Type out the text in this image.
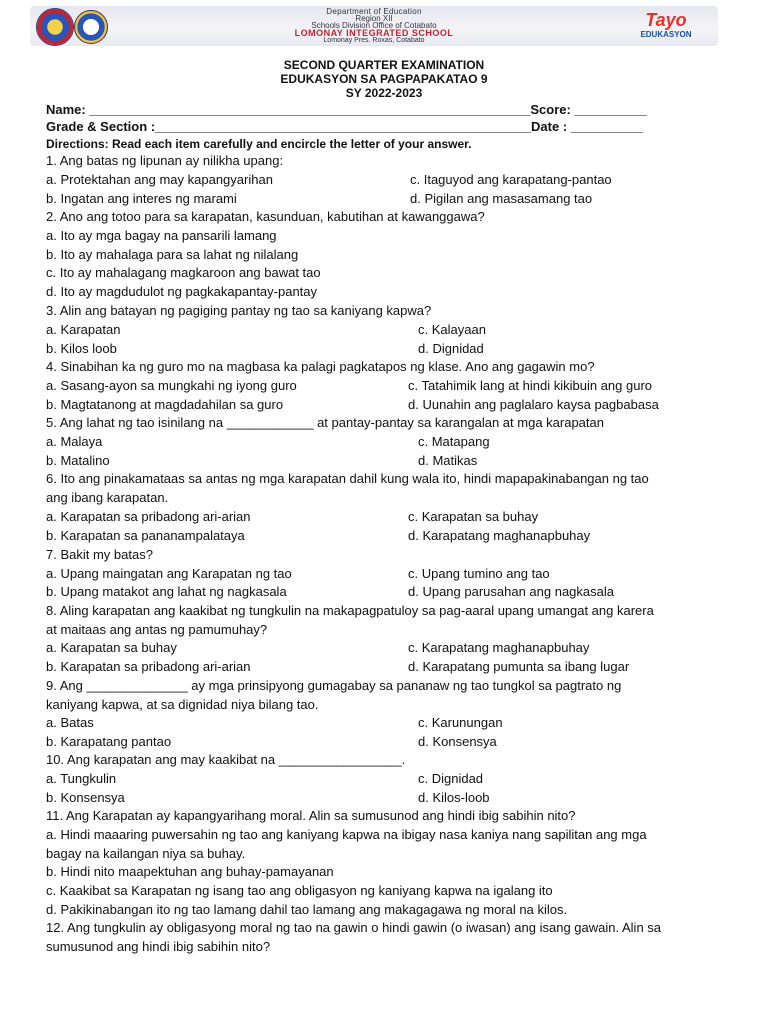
Department of Education
Region XII
Schools Division Office of Cotabato
LOMONAY INTEGRATED SCHOOL
Lomonay Pres. Roxas, Cotabato
Tayo
EDUKASYON
SECOND QUARTER EXAMINATION
EDUKASYON SA PAGPAPAKATAO 9
SY 2022-2023
Name: _____________________________________________________________Score: __________
Grade & Section :____________________________________________________Date : __________
Directions: Read each item carefully and encircle the letter of your answer.
1. Ang batas ng lipunan ay nilikha upang:
a. Protektahan ang may kapangyarihan	c. Itaguyod ang karapatang-pantao
b. Ingatan ang interes ng marami	d. Pigilan ang masasamang tao
2. Ano ang totoo para sa karapatan, kasunduan, kabutihan at kawanggawa?
a. Ito ay mga bagay na pansarili lamang
b. Ito ay mahalaga para sa lahat ng nilalang
c. Ito ay mahalagang magkaroon ang bawat tao
d. Ito ay magdudulot ng pagkakapantay-pantay
3. Alin ang batayan ng pagiging pantay ng tao sa kaniyang kapwa?
a. Karapatan	c. Kalayaan
b. Kilos loob	d. Dignidad
4. Sinabihan ka ng guro mo na magbasa ka palagi pagkatapos ng klase. Ano ang gagawin mo?
a. Sasang-ayon sa mungkahi ng iyong guro	c. Tatahimik lang at hindi kikibuin ang guro
b. Magtatanong at magdadahilan sa guro	d. Uunahin ang paglalaro kaysa pagbabasa
5. Ang lahat ng tao isinilang na ____________ at pantay-pantay sa karangalan at mga karapatan
a. Malaya	c. Matapang
b. Matalino	d. Matikas
6. Ito ang pinakamataas sa antas ng mga karapatan dahil kung wala ito, hindi mapapakinabangan ng tao
ang ibang karapatan.
a. Karapatan sa pribadong ari-arian	c. Karapatan sa buhay
b. Karapatan sa pananampalataya	d. Karapatang maghanapbuhay
7. Bakit my batas?
a. Upang maingatan ang Karapatan ng tao	c. Upang tumino ang tao
b. Upang matakot ang lahat ng nagkasala	d. Upang parusahan ang nagkasala
8. Aling karapatan ang kaakibat ng tungkulin na makapagpatuloy sa pag-aaral upang umangat ang karera
at maitaas ang antas ng pamumuhay?
a. Karapatan sa buhay	c. Karapatang maghanapbuhay
b. Karapatan sa pribadong ari-arian	d. Karapatang pumunta sa ibang lugar
9. Ang ______________ ay mga prinsipyong gumagabay sa pananaw ng tao tungkol sa pagtrato ng
kaniyang kapwa, at sa dignidad niya bilang tao.
a. Batas	c. Karunungan
b. Karapatang pantao	d. Konsensya
10. Ang karapatan ang may kaakibat na _________________.
a. Tungkulin	c. Dignidad
b. Konsensya	d. Kilos-loob
11. Ang Karapatan ay kapangyarihang moral. Alin sa sumusunod ang hindi ibig sabihin nito?
a. Hindi maaaring puwersahin ng tao ang kaniyang kapwa na ibigay nasa kaniya nang sapilitan ang mga
bagay na kailangan niya sa buhay.
b. Hindi nito maapektuhan ang buhay-pamayanan
c. Kaakibat sa Karapatan ng isang tao ang obligasyon ng kaniyang kapwa na igalang ito
d. Pakikinabangan ito ng tao lamang dahil tao lamang ang makagagawa ng moral na kilos.
12. Ang tungkulin ay obligasyong moral ng tao na gawin o hindi gawin (o iwasan) ang isang gawain. Alin sa
sumusunod ang hindi ibig sabihin nito?
